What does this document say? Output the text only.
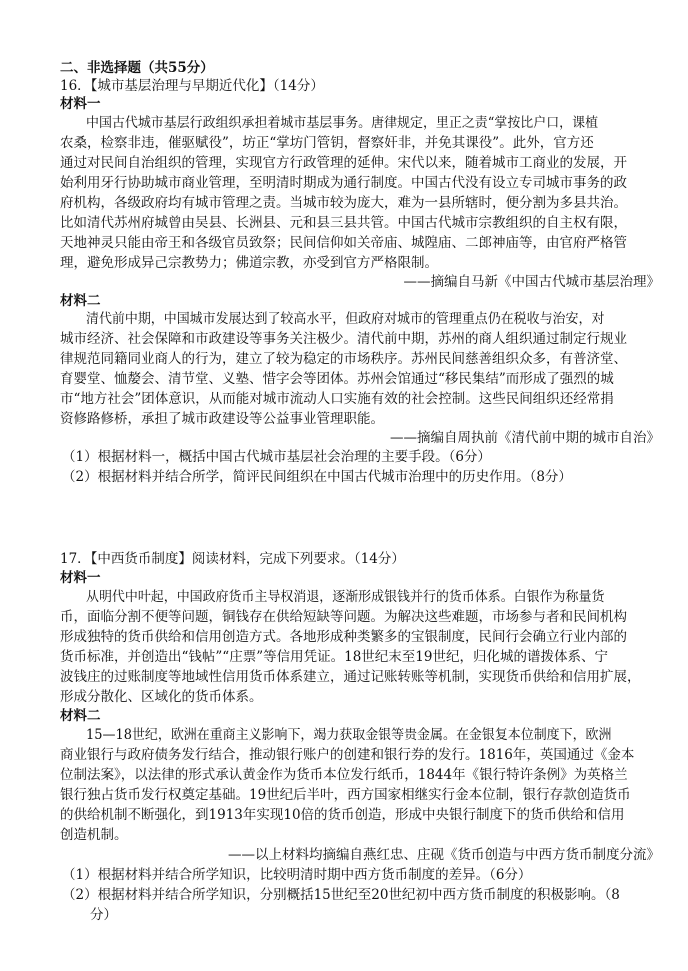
二、非选择题（共55分）
16．【城市基层治理与早期近代化】（14分）
材料一
中国古代城市基层行政组织承担着城市基层事务。唐律规定，里正之责“掌按比户口，课植
农桑，检察非违，催驱赋役”，坊正“掌坊门管钥，督察奸非，并免其课役”。此外，官方还
通过对民间自治组织的管理，实现官方行政管理的延伸。宋代以来，随着城市工商业的发展，开
始利用牙行协助城市商业管理，至明清时期成为通行制度。中国古代没有设立专司城市事务的政
府机构，各级政府均有城市管理之责。当城市较为庞大，难为一县所辖时，便分割为多县共治。
比如清代苏州府城曾由吴县、长洲县、元和县三县共管。中国古代城市宗教组织的自主权有限，
天地神灵只能由帝王和各级官员致祭；民间信仰如关帝庙、城隍庙、二郎神庙等，由官府严格管
理，避免形成异己宗教势力；佛道宗教，亦受到官方严格限制。
——摘编自马新《中国古代城市基层治理》
材料二
清代前中期，中国城市发展达到了较高水平，但政府对城市的管理重点仍在税收与治安，对
城市经济、社会保障和市政建设等事务关注极少。清代前中期，苏州的商人组织通过制定行规业
律规范同籍同业商人的行为，建立了较为稳定的市场秩序。苏州民间慈善组织众多，有普济堂、
育婴堂、恤嫠会、清节堂、义塾、惜字会等团体。苏州会馆通过“移民集结”而形成了强烈的城
市“地方社会”团体意识，从而能对城市流动人口实施有效的社会控制。这些民间组织还经常捐
资修路修桥，承担了城市政建设等公益事业管理职能。
——摘编自周执前《清代前中期的城市自治》
（1）根据材料一，概括中国古代城市基层社会治理的主要手段。（6分）
（2）根据材料并结合所学，简评民间组织在中国古代城市治理中的历史作用。（8分）
17．【中西货币制度】阅读材料，完成下列要求。（14分）
材料一
从明代中叶起，中国政府货币主导权消退，逐渐形成银钱并行的货币体系。白银作为称量货
币，面临分割不便等问题，铜钱存在供给短缺等问题。为解决这些难题，市场参与者和民间机构
形成独特的货币供给和信用创造方式。各地形成种类繁多的宝银制度，民间行会确立行业内部的
货币标准，并创造出“钱帖”“庄票”等信用凭证。18世纪末至19世纪，归化城的谱拨体系、宁
波钱庄的过账制度等地域性信用货币体系建立，通过记账转账等机制，实现货币供给和信用扩展，
形成分散化、区域化的货币体系。
材料二
15—18世纪，欧洲在重商主义影响下，竭力获取金银等贵金属。在金银复本位制度下，欧洲
商业银行与政府债务发行结合，推动银行账户的创建和银行券的发行。1816年，英国通过《金本
位制法案》，以法律的形式承认黄金作为货币本位发行纸币，1844年《银行特许条例》为英格兰
银行独占货币发行权奠定基础。19世纪后半叶，西方国家相继实行金本位制，银行存款创造货币
的供给机制不断强化，到1913年实现10倍的货币创造，形成中央银行制度下的货币供给和信用
创造机制。
——以上材料均摘编自燕红忠、庄砚《货币创造与中西方货币制度分流》
（1）根据材料并结合所学知识，比较明清时期中西方货币制度的差异。（6分）
（2）根据材料并结合所学知识，分别概括15世纪至20世纪初中西方货币制度的积极影响。（8
分）
